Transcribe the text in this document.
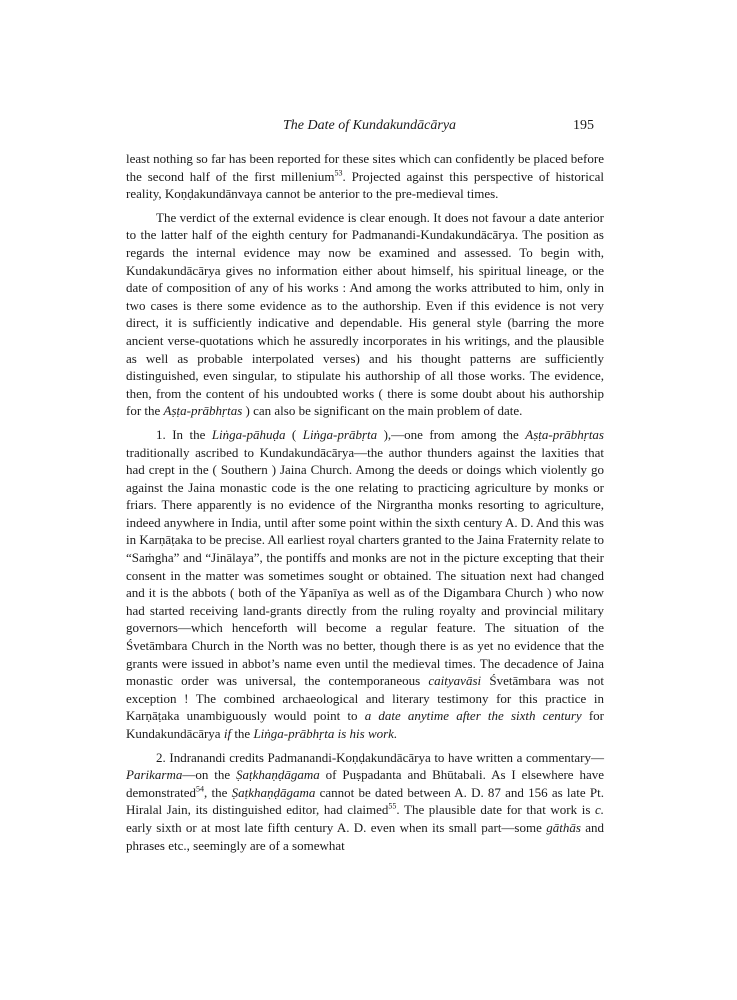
The Date of Kundakundācārya	195

least nothing so far has been reported for these sites which can confidently be placed before the second half of the first millenium$^{53}$. Projected against this perspective of historical reality, Koṇḍakundānvaya cannot be anterior to the pre-medieval times.

The verdict of the external evidence is clear enough. It does not favour a date anterior to the latter half of the eighth century for Padmanandi-Kundakundācārya. The position as regards the internal evidence may now be examined and assessed. To begin with, Kundakundācārya gives no information either about himself, his spiritual lineage, or the date of composition of any of his works : And among the works attributed to him, only in two cases is there some evidence as to the authorship. Even if this evidence is not very direct, it is sufficiently indicative and dependable. His general style (barring the more ancient verse-quotations which he assuredly incorporates in his writings, and the plausible as well as probable interpolated verses) and his thought patterns are sufficiently distinguished, even singular, to stipulate his authorship of all those works. The evidence, then, from the content of his undoubted works ( there is some doubt about his authorship for the Aṣṭa-prābhṛtas ) can also be significant on the main problem of date.

1. In the Liṅga-pāhuḍa ( Liṅga-prābṛta ),—one from among the Aṣṭa-prābhṛtas traditionally ascribed to Kundakundācārya—the author thunders against the laxities that had crept in the ( Southern ) Jaina Church. Among the deeds or doings which violently go against the Jaina monastic code is the one relating to practicing agriculture by monks or friars. There apparently is no evidence of the Nirgrantha monks resorting to agriculture, indeed anywhere in India, until after some point within the sixth century A. D. And this was in Karṇāṭaka to be precise. All earliest royal charters granted to the Jaina Fraternity relate to “Saṁgha” and “Jinālaya”, the pontiffs and monks are not in the picture excepting that their consent in the matter was sometimes sought or obtained. The situation next had changed and it is the abbots ( both of the Yāpanīya as well as of the Digambara Church ) who now had started receiving land-grants directly from the ruling royalty and provincial military governors—which henceforth will become a regular feature. The situation of the Śvetāmbara Church in the North was no better, though there is as yet no evidence that the grants were issued in abbot’s name even until the medieval times. The decadence of Jaina monastic order was universal, the contemporaneous caityavāsi Śvetāmbara was not exception ! The combined archaeological and literary testimony for this practice in Karṇāṭaka unambiguously would point to a date anytime after the sixth century for Kundakundācārya if the Liṅga-prābhṛta is his work.

2. Indranandi credits Padmanandi-Koṇḍakundācārya to have written a commentary—Parikarma—on the Ṣaṭkhaṇḍāgama of Puṣpadanta and Bhūtabali. As I elsewhere have demonstrated$^{54}$, the Ṣaṭkhaṇḍāgama cannot be dated between A. D. 87 and 156 as late Pt. Hiralal Jain, its distinguished editor, had claimed$^{55}$. The plausible date for that work is c. early sixth or at most late fifth century A. D. even when its small part—some gāthās and phrases etc., seemingly are of a somewhat
